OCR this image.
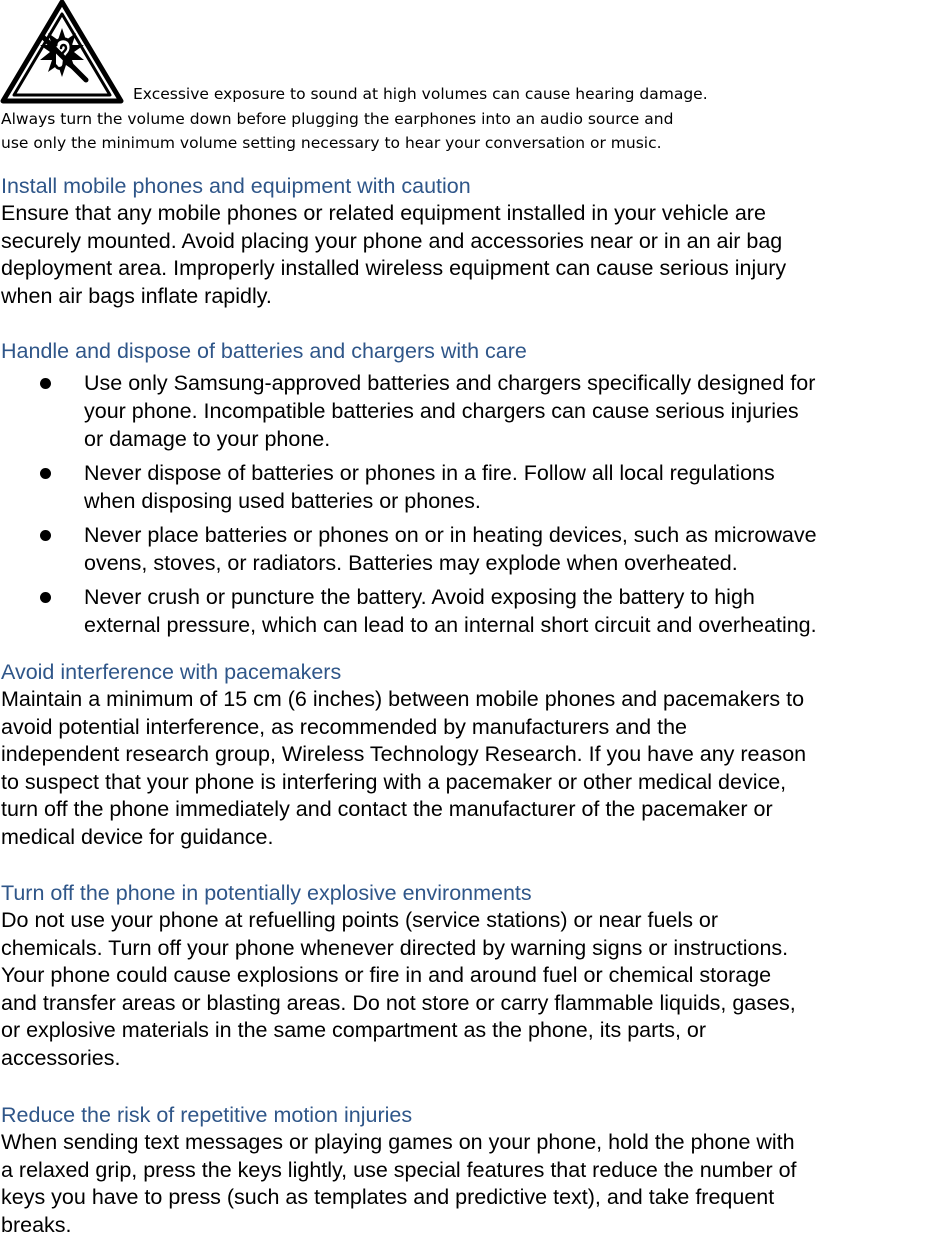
Excessive exposure to sound at high volumes can cause hearing damage.
Always turn the volume down before plugging the earphones into an audio source and
use only the minimum volume setting necessary to hear your conversation or music.
Install mobile phones and equipment with caution
Ensure that any mobile phones or related equipment installed in your vehicle are
securely mounted. Avoid placing your phone and accessories near or in an air bag
deployment area. Improperly installed wireless equipment can cause serious injury
when air bags inflate rapidly.
Handle and dispose of batteries and chargers with care
Use only Samsung-approved batteries and chargers specifically designed for
your phone. Incompatible batteries and chargers can cause serious injuries
or damage to your phone.
Never dispose of batteries or phones in a fire. Follow all local regulations
when disposing used batteries or phones.
Never place batteries or phones on or in heating devices, such as microwave
ovens, stoves, or radiators. Batteries may explode when overheated.
Never crush or puncture the battery. Avoid exposing the battery to high
external pressure, which can lead to an internal short circuit and overheating.
Avoid interference with pacemakers
Maintain a minimum of 15 cm (6 inches) between mobile phones and pacemakers to
avoid potential interference, as recommended by manufacturers and the
independent research group, Wireless Technology Research. If you have any reason
to suspect that your phone is interfering with a pacemaker or other medical device,
turn off the phone immediately and contact the manufacturer of the pacemaker or
medical device for guidance.
Turn off the phone in potentially explosive environments
Do not use your phone at refuelling points (service stations) or near fuels or
chemicals. Turn off your phone whenever directed by warning signs or instructions.
Your phone could cause explosions or fire in and around fuel or chemical storage
and transfer areas or blasting areas. Do not store or carry flammable liquids, gases,
or explosive materials in the same compartment as the phone, its parts, or
accessories.
Reduce the risk of repetitive motion injuries
When sending text messages or playing games on your phone, hold the phone with
a relaxed grip, press the keys lightly, use special features that reduce the number of
keys you have to press (such as templates and predictive text), and take frequent
breaks.
